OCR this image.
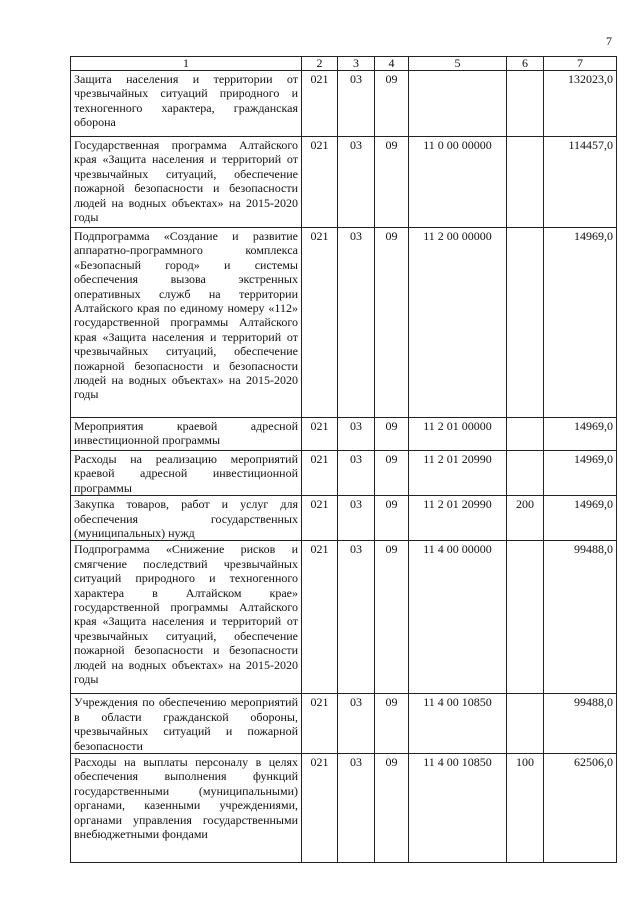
7
1	2	3	4	5	6	7
Защита населения и территории от чрезвычайных ситуаций природного и техногенного характера, гражданская оборона	021	03	09			132023,0
Государственная программа Алтайского края «Защита населения и территорий от чрезвычайных ситуаций, обеспечение пожарной безопасности и безопасности людей на водных объектах» на 2015-2020 годы	021	03	09	11 0 00 00000		114457,0
Подпрограмма «Создание и развитие аппаратно-программного комплекса «Безопасный город» и системы обеспечения вызова экстренных оперативных служб на территории Алтайского края по единому номеру «112» государственной программы Алтайского края «Защита населения и территорий от чрезвычайных ситуаций, обеспечение пожарной безопасности и безопасности людей на водных объектах» на 2015-2020 годы	021	03	09	11 2 00 00000		14969,0
Мероприятия краевой адресной инвестиционной программы	021	03	09	11 2 01 00000		14969,0
Расходы на реализацию мероприятий краевой адресной инвестиционной программы	021	03	09	11 2 01 20990		14969,0
Закупка товаров, работ и услуг для обеспечения государственных (муниципальных) нужд	021	03	09	11 2 01 20990	200	14969,0
Подпрограмма «Снижение рисков и смягчение последствий чрезвычайных ситуаций природного и техногенного характера в Алтайском крае» государственной программы Алтайского края «Защита населения и территорий от чрезвычайных ситуаций, обеспечение пожарной безопасности и безопасности людей на водных объектах» на 2015-2020 годы	021	03	09	11 4 00 00000		99488,0
Учреждения по обеспечению мероприятий в области гражданской обороны, чрезвычайных ситуаций и пожарной безопасности	021	03	09	11 4 00 10850		99488,0
Расходы на выплаты персоналу в целях обеспечения выполнения функций государственными (муниципальными) органами, казенными учреждениями, органами управления государственными внебюджетными фондами	021	03	09	11 4 00 10850	100	62506,0
